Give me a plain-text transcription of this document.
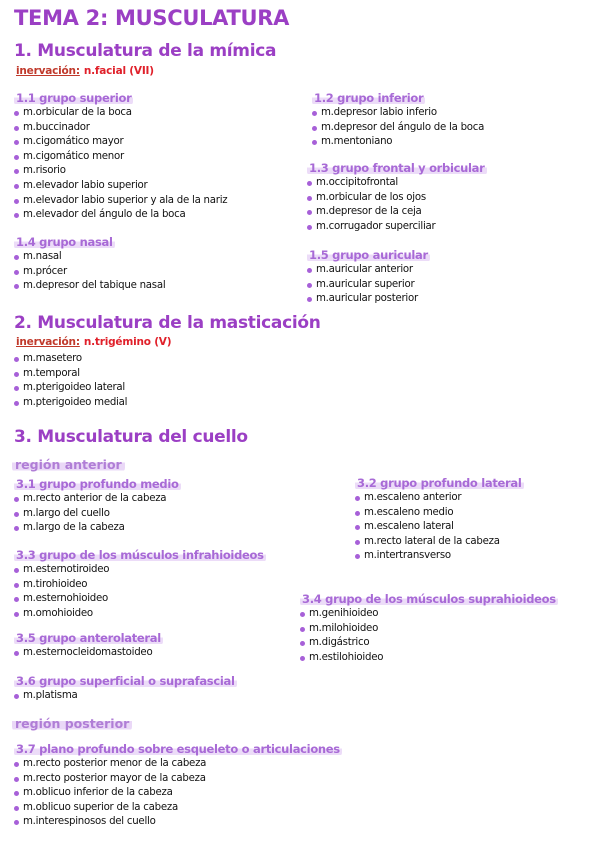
TEMA 2: MUSCULATURA
1. Musculatura de la mímica
inervación: n.facial (VII)
1.1 grupo superior
m.orbicular de la boca
m.buccinador
m.cigomático mayor
m.cigomático menor
m.risorio
m.elevador labio superior
m.elevador labio superior y ala de la nariz
m.elevador del ángulo de la boca
1.2 grupo inferior
m.depresor labio inferio
m.depresor del ángulo de la boca
m.mentoniano
1.3 grupo frontal y orbicular
m.occipitofrontal
m.orbicular de los ojos
m.depresor de la ceja
m.corrugador superciliar
1.4 grupo nasal
m.nasal
m.prócer
m.depresor del tabique nasal
1.5 grupo auricular
m.auricular anterior
m.auricular superior
m.auricular posterior
2. Musculatura de la masticación
inervación: n.trigémino (V)
m.masetero
m.temporal
m.pterigoideo lateral
m.pterigoideo medial
3. Musculatura del cuello
región anterior
3.1 grupo profundo medio
m.recto anterior de la cabeza
m.largo del cuello
m.largo de la cabeza
3.2 grupo profundo lateral
m.escaleno anterior
m.escaleno medio
m.escaleno lateral
m.recto lateral de la cabeza
m.intertransverso
3.3 grupo de los músculos infrahioideos
m.esternotiroideo
m.tirohioideo
m.esternohioideo
m.omohioideo
3.4 grupo de los músculos suprahioideos
m.genihioideo
m.milohioideo
m.digástrico
m.estilohioideo
3.5 grupo anterolateral
m.esternocleidomastoideo
3.6 grupo superficial o suprafascial
m.platisma
región posterior
3.7 plano profundo sobre esqueleto o articulaciones
m.recto posterior menor de la cabeza
m.recto posterior mayor de la cabeza
m.oblicuo inferior de la cabeza
m.oblicuo superior de la cabeza
m.interespinosos del cuello
